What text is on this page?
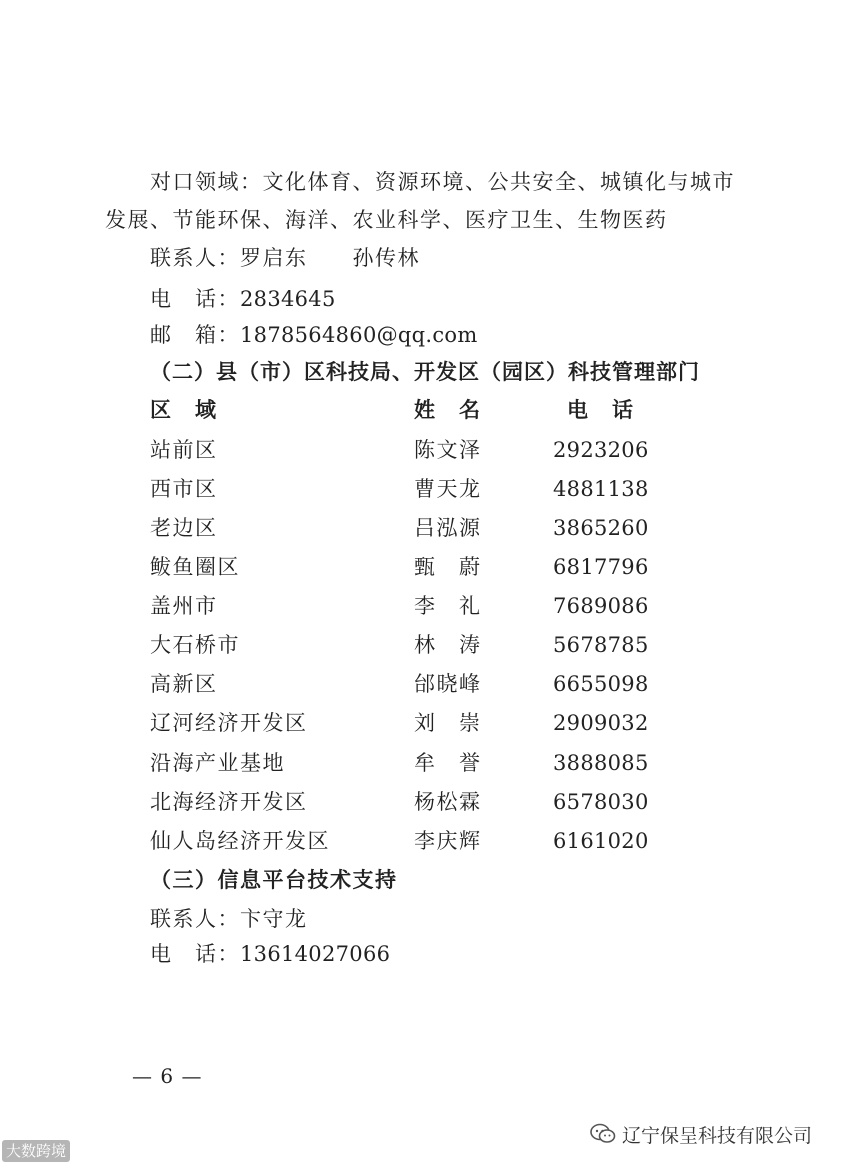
对口领域：文化体育、资源环境、公共安全、城镇化与城市
发展、节能环保、海洋、农业科学、医疗卫生、生物医药
联系人：罗启东　　孙传林
电　话：2834645
邮　箱：1878564860@qq.com
（二）县（市）区科技局、开发区（园区）科技管理部门
区　域	姓　名	电　话
站前区	陈文泽	2923206
西市区	曹天龙	4881138
老边区	吕泓源	3865260
鲅鱼圈区	甄　蔚	6817796
盖州市	李　礼	7689086
大石桥市	林　涛	5678785
高新区	邰晓峰	6655098
辽河经济开发区	刘　崇	2909032
沿海产业基地	牟　誉	3888085
北海经济开发区	杨松霖	6578030
仙人岛经济开发区	李庆辉	6161020
（三）信息平台技术支持
联系人：卞守龙
电　话：13614027066
— 6 —
大数跨境
辽宁保呈科技有限公司
